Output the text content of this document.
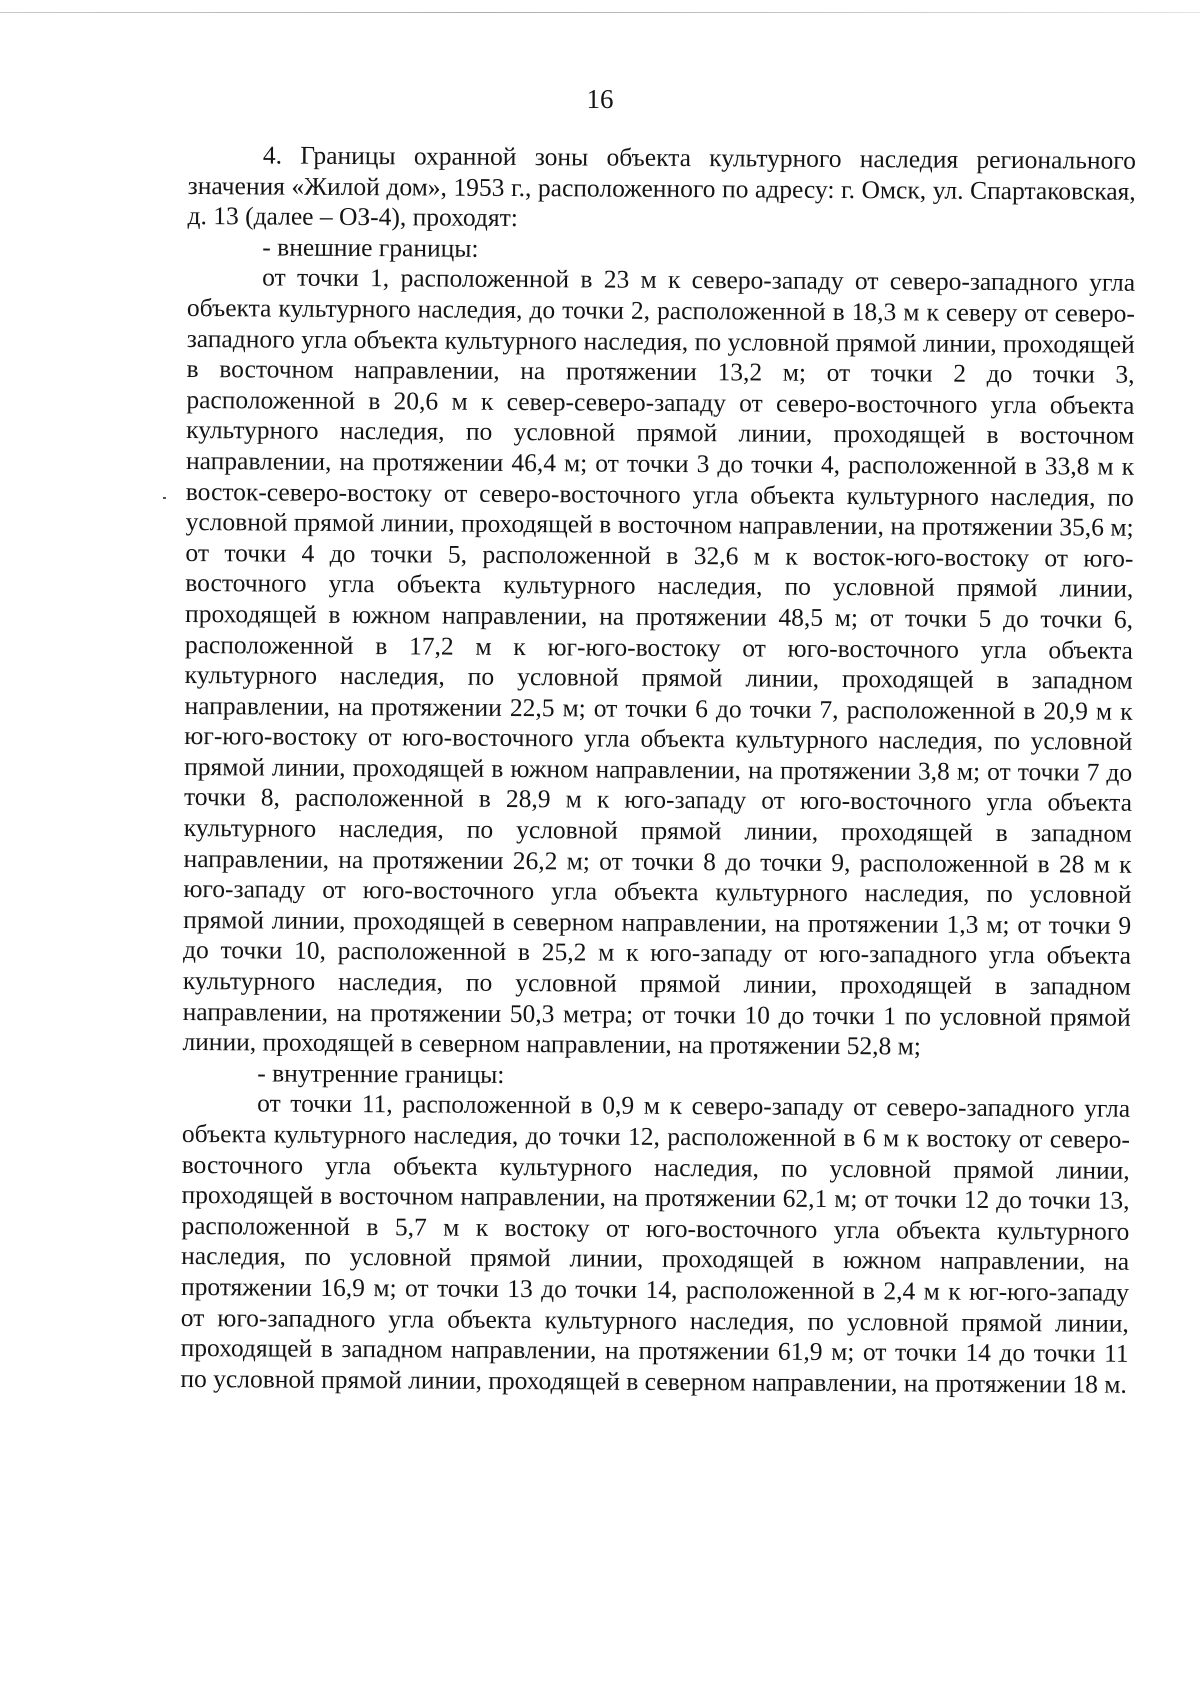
16

4. Границы охранной зоны объекта культурного наследия регионального значения «Жилой дом», 1953 г., расположенного по адресу: г. Омск, ул. Спартаковская, д. 13 (далее – ОЗ-4), проходят:

- внешние границы:

от точки 1, расположенной в 23 м к северо-западу от северо-западного угла объекта культурного наследия, до точки 2, расположенной в 18,3 м к северу от северо-западного угла объекта культурного наследия, по условной прямой линии, проходящей в восточном направлении, на протяжении 13,2 м; от точки 2 до точки 3, расположенной в 20,6 м к север-северо-западу от северо-восточного угла объекта культурного наследия, по условной прямой линии, проходящей в восточном направлении, на протяжении 46,4 м; от точки 3 до точки 4, расположенной в 33,8 м к восток-северо-востоку от северо-восточного угла объекта культурного наследия, по условной прямой линии, проходящей в восточном направлении, на протяжении 35,6 м; от точки 4 до точки 5, расположенной в 32,6 м к восток-юго-востоку от юго-восточного угла объекта культурного наследия, по условной прямой линии, проходящей в южном направлении, на протяжении 48,5 м; от точки 5 до точки 6, расположенной в 17,2 м к юг-юго-востоку от юго-восточного угла объекта культурного наследия, по условной прямой линии, проходящей в западном направлении, на протяжении 22,5 м; от точки 6 до точки 7, расположенной в 20,9 м к юг-юго-востоку от юго-восточного угла объекта культурного наследия, по условной прямой линии, проходящей в южном направлении, на протяжении 3,8 м; от точки 7 до точки 8, расположенной в 28,9 м к юго-западу от юго-восточного угла объекта культурного наследия, по условной прямой линии, проходящей в западном направлении, на протяжении 26,2 м; от точки 8 до точки 9, расположенной в 28 м к юго-западу от юго-восточного угла объекта культурного наследия, по условной прямой линии, проходящей в северном направлении, на протяжении 1,3 м; от точки 9 до точки 10, расположенной в 25,2 м к юго-западу от юго-западного угла объекта культурного наследия, по условной прямой линии, проходящей в западном направлении, на протяжении 50,3 метра; от точки 10 до точки 1 по условной прямой линии, проходящей в северном направлении, на протяжении 52,8 м;

- внутренние границы:

от точки 11, расположенной в 0,9 м к северо-западу от северо-западного угла объекта культурного наследия, до точки 12, расположенной в 6 м к востоку от северо-восточного угла объекта культурного наследия, по условной прямой линии, проходящей в восточном направлении, на протяжении 62,1 м; от точки 12 до точки 13, расположенной в 5,7 м к востоку от юго-восточного угла объекта культурного наследия, по условной прямой линии, проходящей в южном направлении, на протяжении 16,9 м; от точки 13 до точки 14, расположенной в 2,4 м к юг-юго-западу от юго-западного угла объекта культурного наследия, по условной прямой линии, проходящей в западном направлении, на протяжении 61,9 м; от точки 14 до точки 11 по условной прямой линии, проходящей в северном направлении, на протяжении 18 м.
